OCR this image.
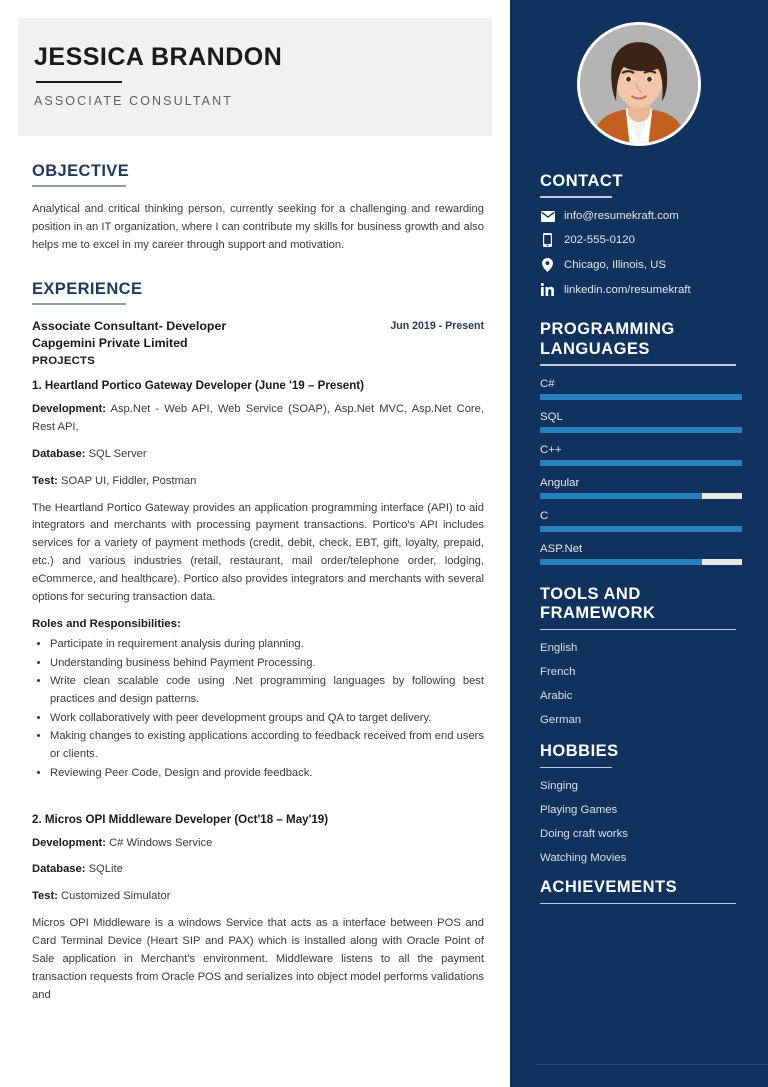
JESSICA BRANDON
ASSOCIATE CONSULTANT
OBJECTIVE
Analytical and critical thinking person, currently seeking for a challenging and rewarding position in an IT organization, where I can contribute my skills for business growth and also helps me to excel in my career through support and motivation.
EXPERIENCE
Associate Consultant- Developer
Capgemini Private Limited
Jun 2019 - Present
PROJECTS
1. Heartland Portico Gateway Developer (June '19 – Present)
Development: Asp.Net - Web API, Web Service (SOAP), Asp.Net MVC, Asp.Net Core, Rest API,
Database: SQL Server
Test: SOAP UI, Fiddler, Postman
The Heartland Portico Gateway provides an application programming interface (API) to aid integrators and merchants with processing payment transactions. Portico's API includes services for a variety of payment methods (credit, debit, check, EBT, gift, loyalty, prepaid, etc.) and various industries (retail, restaurant, mail order/telephone order, lodging, eCommerce, and healthcare). Portico also provides integrators and merchants with several options for securing transaction data.
Roles and Responsibilities:
• Participate in requirement analysis during planning.
• Understanding business behind Payment Processing.
• Write clean scalable code using .Net programming languages by following best practices and design patterns.
• Work collaboratively with peer development groups and QA to target delivery.
• Making changes to existing applications according to feedback received from end users or clients.
• Reviewing Peer Code, Design and provide feedback.
2. Micros OPI Middleware Developer (Oct'18 – May'19)
Development: C# Windows Service
Database: SQLite
Test: Customized Simulator
Micros OPI Middleware is a windows Service that acts as a interface between POS and Card Terminal Device (Heart SIP and PAX) which is installed along with Oracle Point of Sale application in Merchant's environment. Middleware listens to all the payment transaction requests from Oracle POS and serializes into object model performs validations and
CONTACT
info@resumekraft.com
202-555-0120
Chicago, Illinois, US
linkedin.com/resumekraft
PROGRAMMING LANGUAGES
C#
SQL
C++
Angular
C
ASP.Net
TOOLS AND FRAMEWORK
English
French
Arabic
German
HOBBIES
Singing
Playing Games
Doing craft works
Watching Movies
ACHIEVEMENTS
